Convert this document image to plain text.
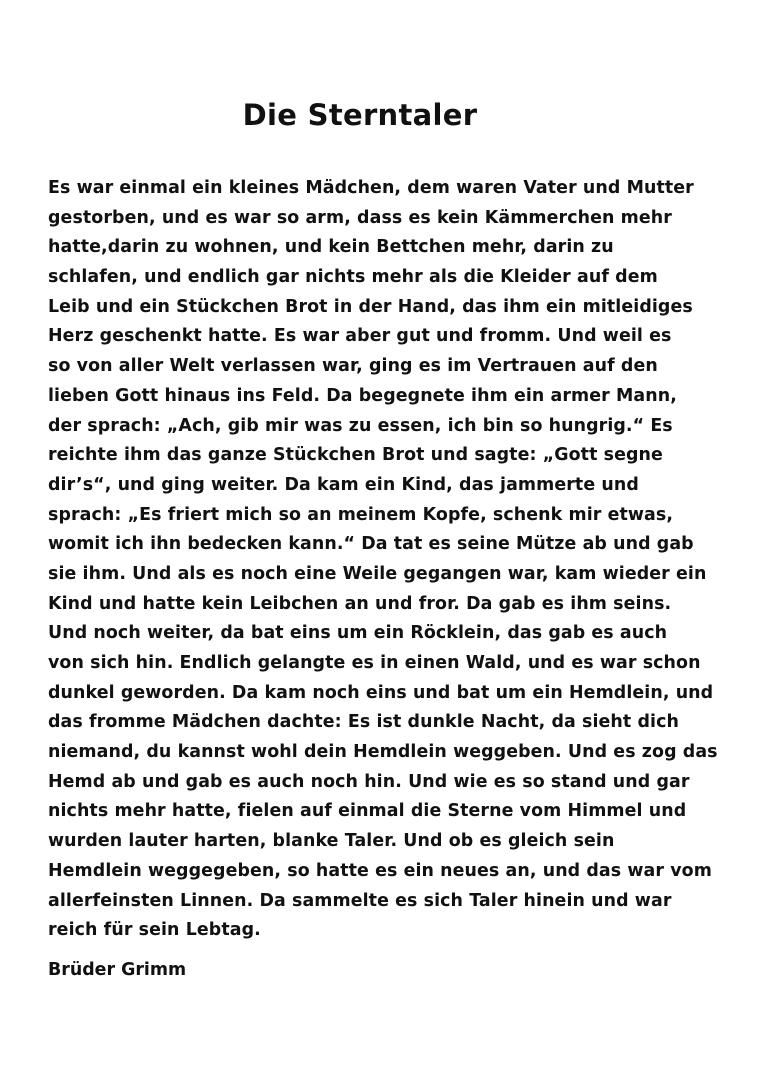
Die Sterntaler
Es war einmal ein kleines Mädchen, dem waren Vater und Mutter
gestorben, und es war so arm, dass es kein Kämmerchen mehr
hatte,darin zu wohnen, und kein Bettchen mehr, darin zu
schlafen, und endlich gar nichts mehr als die Kleider auf dem
Leib und ein Stückchen Brot in der Hand, das ihm ein mitleidiges
Herz geschenkt hatte. Es war aber gut und fromm. Und weil es
so von aller Welt verlassen war, ging es im Vertrauen auf den
lieben Gott hinaus ins Feld. Da begegnete ihm ein armer Mann,
der sprach: „Ach, gib mir was zu essen, ich bin so hungrig.“ Es
reichte ihm das ganze Stückchen Brot und sagte: „Gott segne
dir’s“, und ging weiter. Da kam ein Kind, das jammerte und
sprach: „Es friert mich so an meinem Kopfe, schenk mir etwas,
womit ich ihn bedecken kann.“ Da tat es seine Mütze ab und gab
sie ihm. Und als es noch eine Weile gegangen war, kam wieder ein
Kind und hatte kein Leibchen an und fror. Da gab es ihm seins.
Und noch weiter, da bat eins um ein Röcklein, das gab es auch
von sich hin. Endlich gelangte es in einen Wald, und es war schon
dunkel geworden. Da kam noch eins und bat um ein Hemdlein, und
das fromme Mädchen dachte: Es ist dunkle Nacht, da sieht dich
niemand, du kannst wohl dein Hemdlein weggeben. Und es zog das
Hemd ab und gab es auch noch hin. Und wie es so stand und gar
nichts mehr hatte, fielen auf einmal die Sterne vom Himmel und
wurden lauter harten, blanke Taler. Und ob es gleich sein
Hemdlein weggegeben, so hatte es ein neues an, und das war vom
allerfeinsten Linnen. Da sammelte es sich Taler hinein und war
reich für sein Lebtag.

Brüder Grimm
